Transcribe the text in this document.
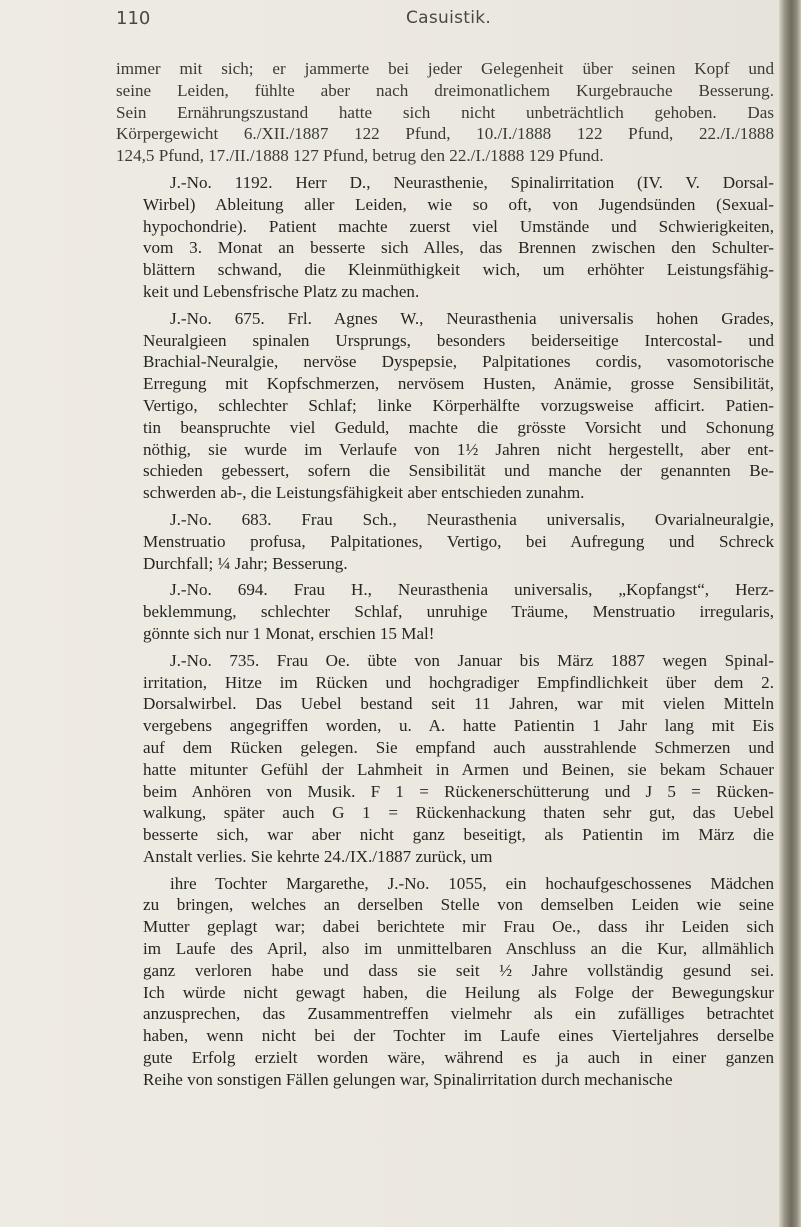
110	Casuistik.
immer mit sich; er jammerte bei jeder Gelegenheit über seinen Kopf und
seine Leiden, fühlte aber nach dreimonatlichem Kurgebrauche Besserung.
Sein Ernährungszustand hatte sich nicht unbeträchtlich gehoben. Das
Körpergewicht 6./XII./1887 122 Pfund, 10./I./1888 122 Pfund, 22./I./1888
124,5 Pfund, 17./II./1888 127 Pfund, betrug den 22./I./1888 129 Pfund.
J.-No. 1192. Herr D., Neurasthenie, Spinalirritation (IV. V. Dorsal-
Wirbel) Ableitung aller Leiden, wie so oft, von Jugendsünden (Sexual-
hypochondrie). Patient machte zuerst viel Umstände und Schwierigkeiten,
vom 3. Monat an besserte sich Alles, das Brennen zwischen den Schulter-
blättern schwand, die Kleinmüthigkeit wich, um erhöhter Leistungsfähig-
keit und Lebensfrische Platz zu machen.
J.-No. 675. Frl. Agnes W., Neurasthenia universalis hohen Grades,
Neuralgieen spinalen Ursprungs, besonders beiderseitige Intercostal- und
Brachial-Neuralgie, nervöse Dyspepsie, Palpitationes cordis, vasomotorische
Erregung mit Kopfschmerzen, nervösem Husten, Anämie, grosse Sensibilität,
Vertigo, schlechter Schlaf; linke Körperhälfte vorzugsweise afficirt. Patien-
tin beanspruchte viel Geduld, machte die grösste Vorsicht und Schonung
nöthig, sie wurde im Verlaufe von 1½ Jahren nicht hergestellt, aber ent-
schieden gebessert, sofern die Sensibilität und manche der genannten Be-
schwerden ab-, die Leistungsfähigkeit aber entschieden zunahm.
J.-No. 683. Frau Sch., Neurasthenia universalis, Ovarialneuralgie,
Menstruatio profusa, Palpitationes, Vertigo, bei Aufregung und Schreck
Durchfall; ¼ Jahr; Besserung.
J.-No. 694. Frau H., Neurasthenia universalis, „Kopfangst“, Herz-
beklemmung, schlechter Schlaf, unruhige Träume, Menstruatio irregularis,
gönnte sich nur 1 Monat, erschien 15 Mal!
J.-No. 735. Frau Oe. übte von Januar bis März 1887 wegen Spinal-
irritation, Hitze im Rücken und hochgradiger Empfindlichkeit über dem 2.
Dorsalwirbel. Das Uebel bestand seit 11 Jahren, war mit vielen Mitteln
vergebens angegriffen worden, u. A. hatte Patientin 1 Jahr lang mit Eis
auf dem Rücken gelegen. Sie empfand auch ausstrahlende Schmerzen und
hatte mitunter Gefühl der Lahmheit in Armen und Beinen, sie bekam Schauer
beim Anhören von Musik. F 1 = Rückenerschütterung und J 5 = Rücken-
walkung, später auch G 1 = Rückenhackung thaten sehr gut, das Uebel
besserte sich, war aber nicht ganz beseitigt, als Patientin im März die
Anstalt verlies. Sie kehrte 24./IX./1887 zurück, um
ihre Tochter Margarethe, J.-No. 1055, ein hochaufgeschossenes Mädchen
zu bringen, welches an derselben Stelle von demselben Leiden wie seine
Mutter geplagt war; dabei berichtete mir Frau Oe., dass ihr Leiden sich
im Laufe des April, also im unmittelbaren Anschluss an die Kur, allmählich
ganz verloren habe und dass sie seit ½ Jahre vollständig gesund sei.
Ich würde nicht gewagt haben, die Heilung als Folge der Bewegungskur
anzusprechen, das Zusammentreffen vielmehr als ein zufälliges betrachtet
haben, wenn nicht bei der Tochter im Laufe eines Vierteljahres derselbe
gute Erfolg erzielt worden wäre, während es ja auch in einer ganzen
Reihe von sonstigen Fällen gelungen war, Spinalirritation durch mechanische
